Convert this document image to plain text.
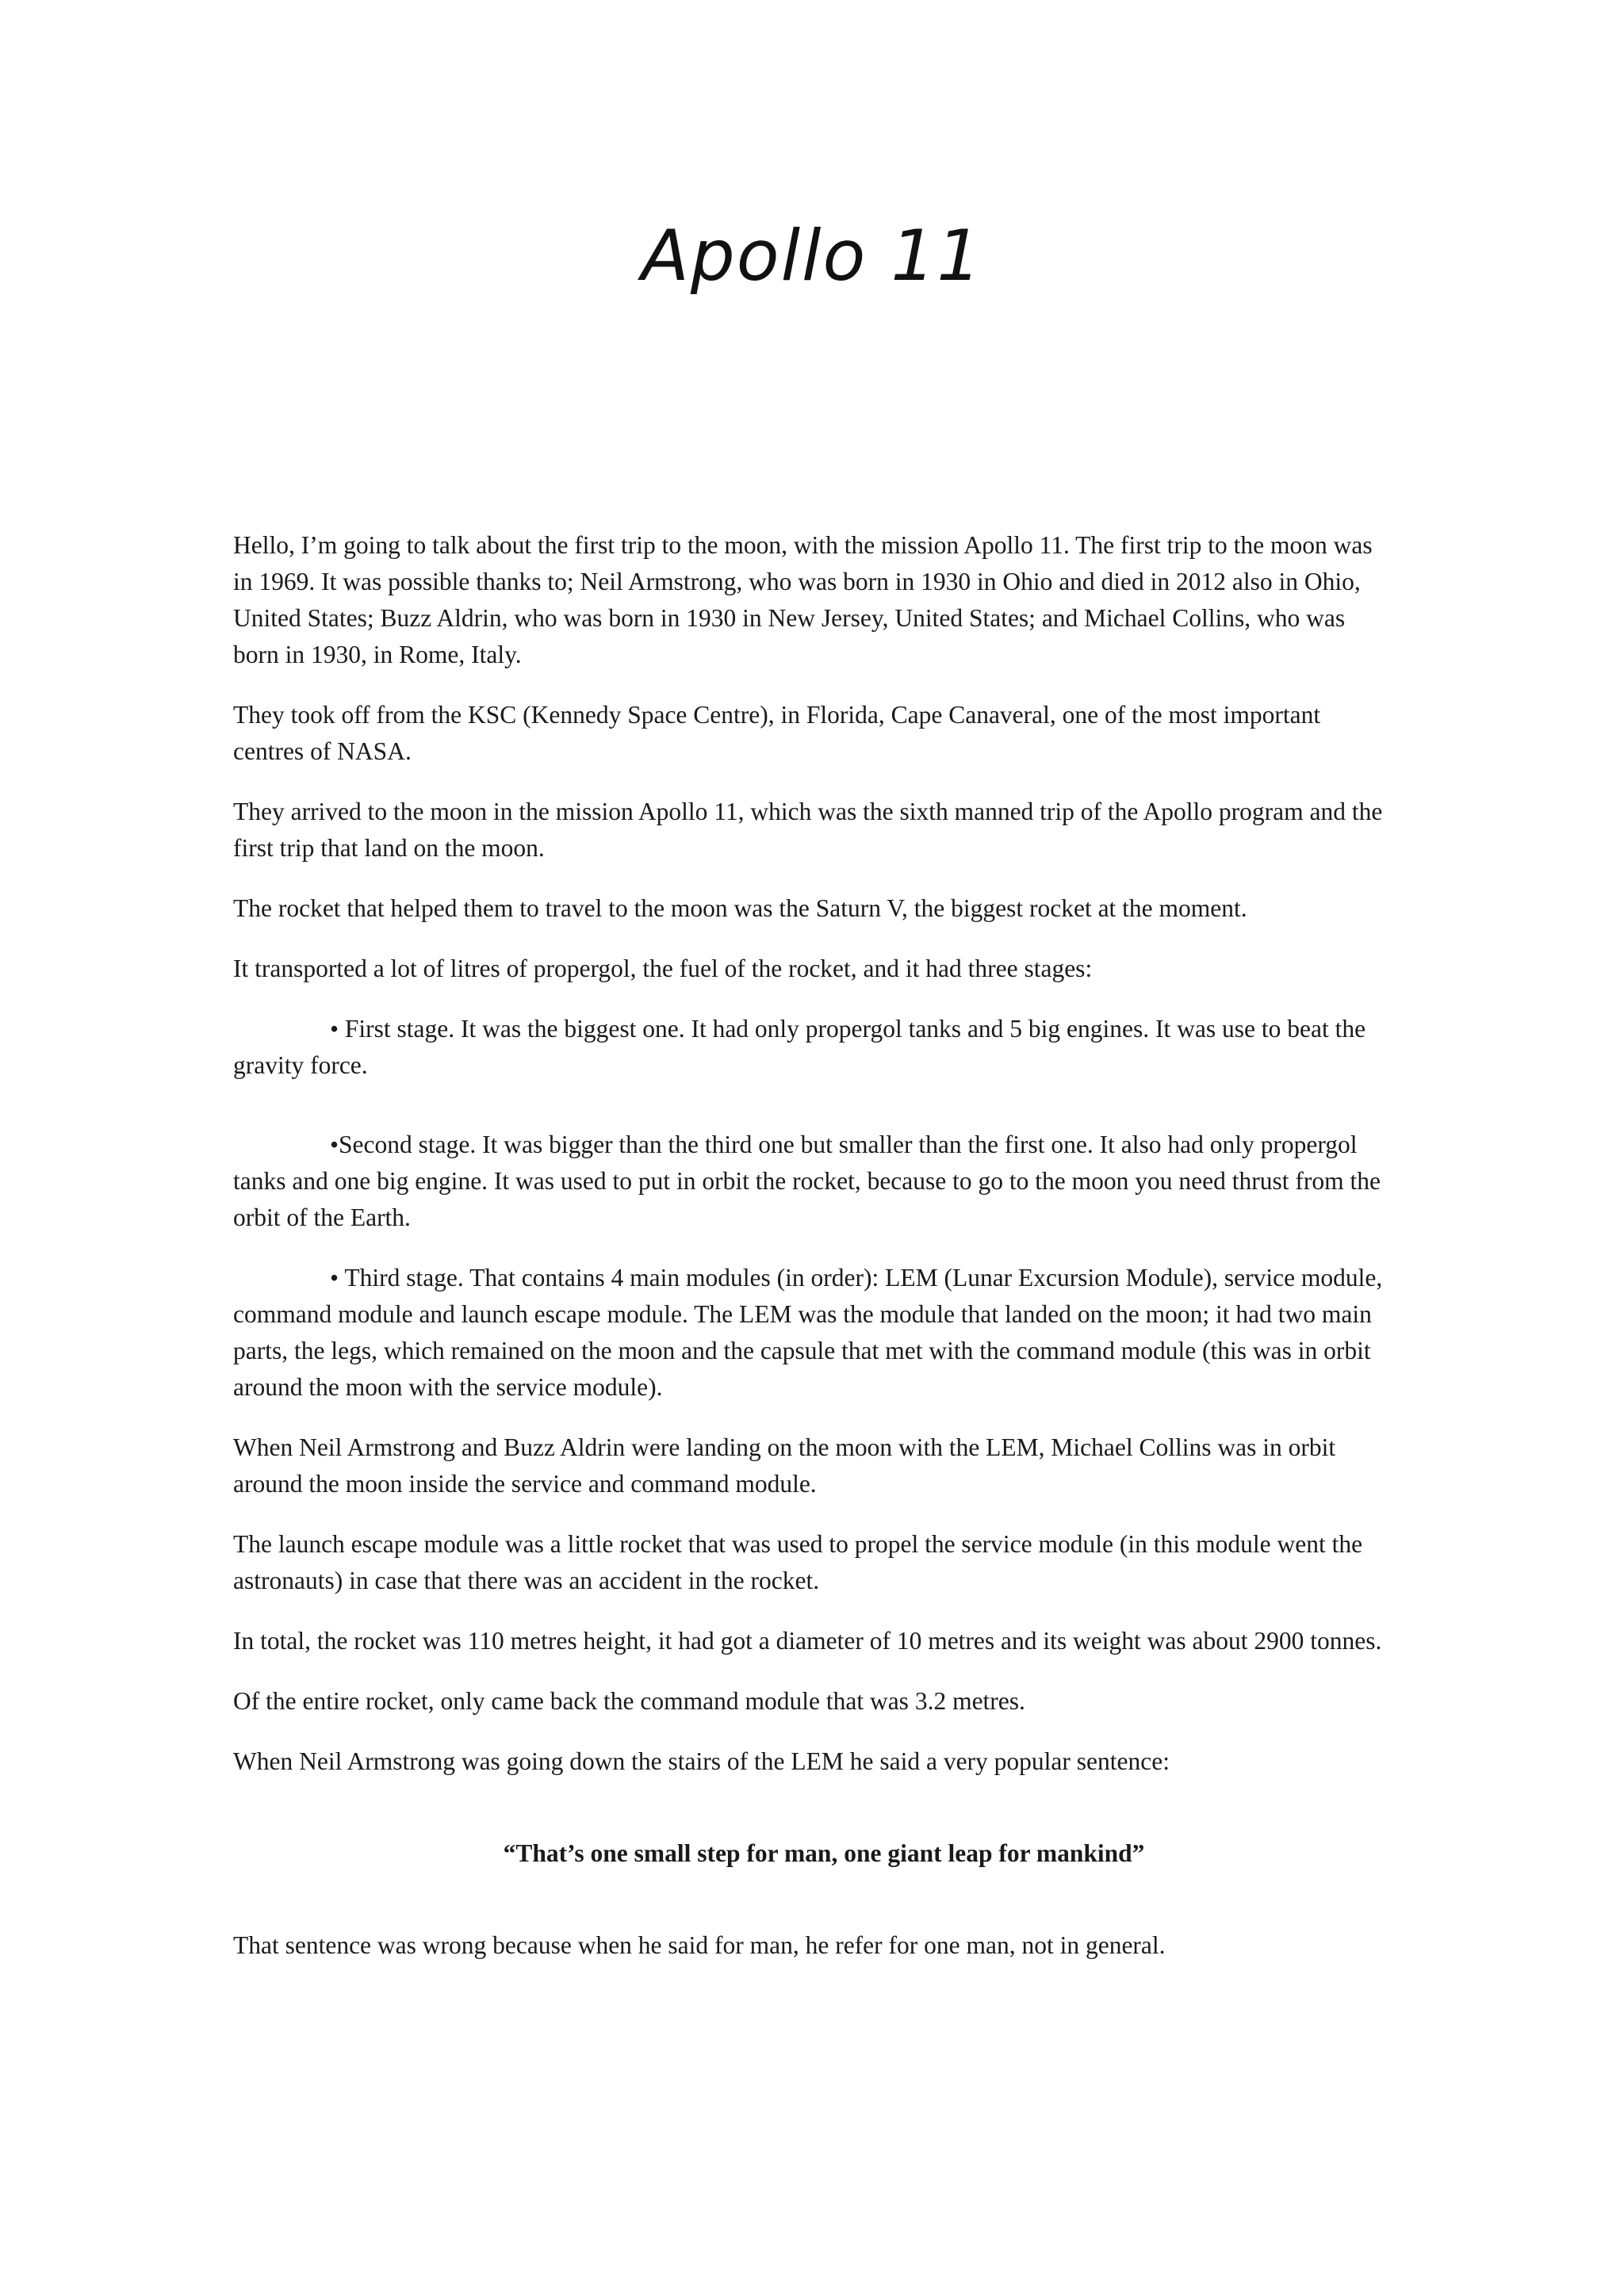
Apollo 11

Hello, I’m going to talk about the first trip to the moon, with the mission Apollo 11. The first trip to the moon was in 1969. It was possible thanks to; Neil Armstrong, who was born in 1930 in Ohio and died in 2012 also in Ohio, United States; Buzz Aldrin, who was born in 1930 in New Jersey, United States; and Michael Collins, who was born in 1930, in Rome, Italy.

They took off from the KSC (Kennedy Space Centre), in Florida, Cape Canaveral, one of the most important centres of NASA.

They arrived to the moon in the mission Apollo 11, which was the sixth manned trip of the Apollo program and the first trip that land on the moon.

The rocket that helped them to travel to the moon was the Saturn V, the biggest rocket at the moment.

It transported a lot of litres of propergol, the fuel of the rocket, and it had three stages:

• First stage. It was the biggest one. It had only propergol tanks and 5 big engines. It was use to beat the gravity force.

•Second stage. It was bigger than the third one but smaller than the first one. It also had only propergol tanks and one big engine. It was used to put in orbit the rocket, because to go to the moon you need thrust from the orbit of the Earth.

• Third stage. That contains 4 main modules (in order): LEM (Lunar Excursion Module), service module, command module and launch escape module. The LEM was the module that landed on the moon; it had two main parts, the legs, which remained on the moon and the capsule that met with the command module (this was in orbit around the moon with the service module).

When Neil Armstrong and Buzz Aldrin were landing on the moon with the LEM, Michael Collins was in orbit around the moon inside the service and command module.

The launch escape module was a little rocket that was used to propel the service module (in this module went the astronauts) in case that there was an accident in the rocket.

In total, the rocket was 110 metres height, it had got a diameter of 10 metres and its weight was about 2900 tonnes.

Of the entire rocket, only came back the command module that was 3.2 metres.

When Neil Armstrong was going down the stairs of the LEM he said a very popular sentence:

“That’s one small step for man, one giant leap for mankind”

That sentence was wrong because when he said for man, he refer for one man, not in general.
